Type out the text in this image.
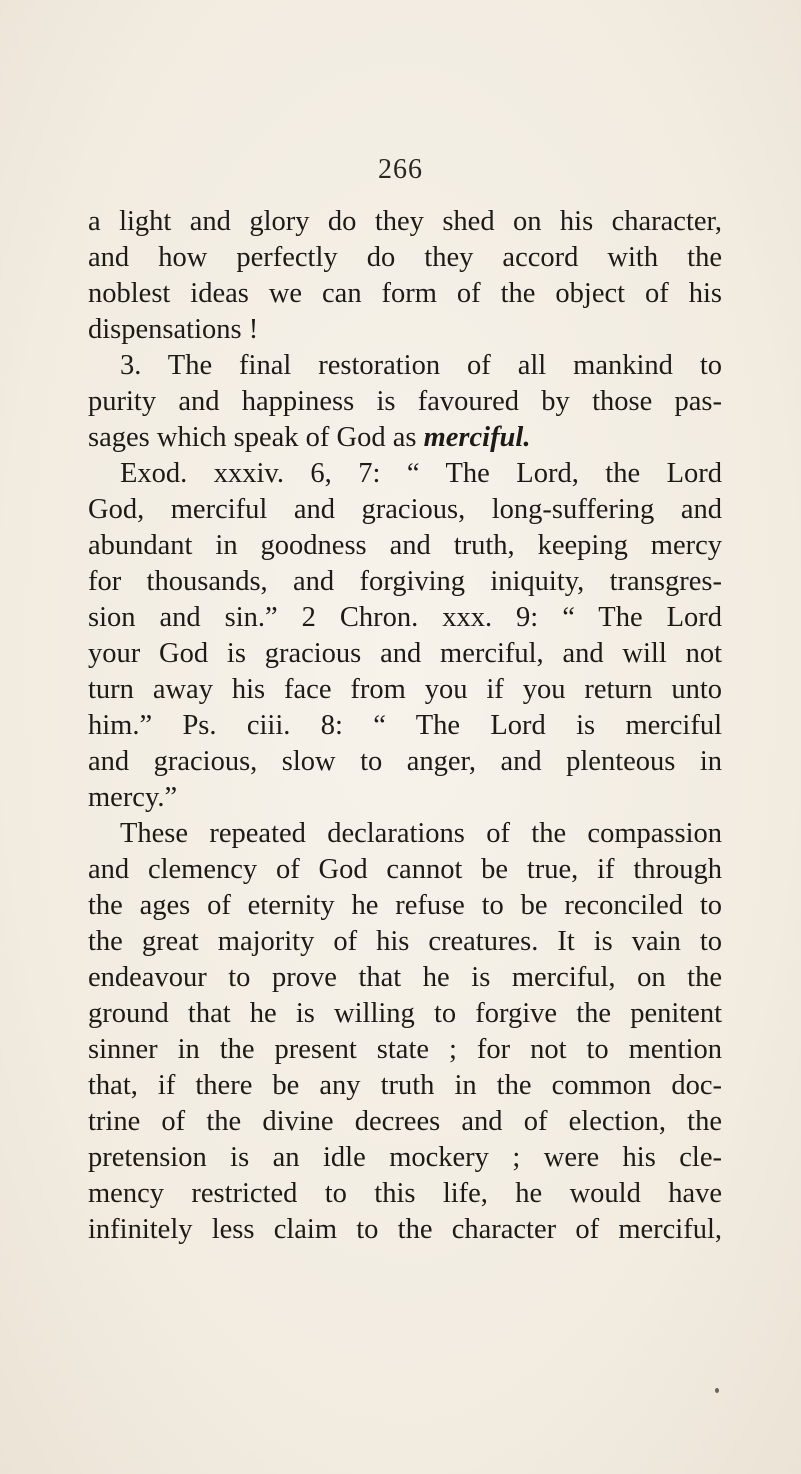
266
a light and glory do they shed on his character,
and how perfectly do they accord with the
noblest ideas we can form of the object of his
dispensations !
3. The final restoration of all mankind to
purity and happiness is favoured by those pas-
sages which speak of God as merciful.
Exod. xxxiv. 6, 7: “ The Lord, the Lord
God, merciful and gracious, long-suffering and
abundant in goodness and truth, keeping mercy
for thousands, and forgiving iniquity, transgres-
sion and sin.” 2 Chron. xxx. 9: “ The Lord
your God is gracious and merciful, and will not
turn away his face from you if you return unto
him.” Ps. ciii. 8: “ The Lord is merciful
and gracious, slow to anger, and plenteous in
mercy.”
These repeated declarations of the compassion
and clemency of God cannot be true, if through
the ages of eternity he refuse to be reconciled to
the great majority of his creatures. It is vain to
endeavour to prove that he is merciful, on the
ground that he is willing to forgive the penitent
sinner in the present state ; for not to mention
that, if there be any truth in the common doc-
trine of the divine decrees and of election, the
pretension is an idle mockery ; were his cle-
mency restricted to this life, he would have
infinitely less claim to the character of merciful,
